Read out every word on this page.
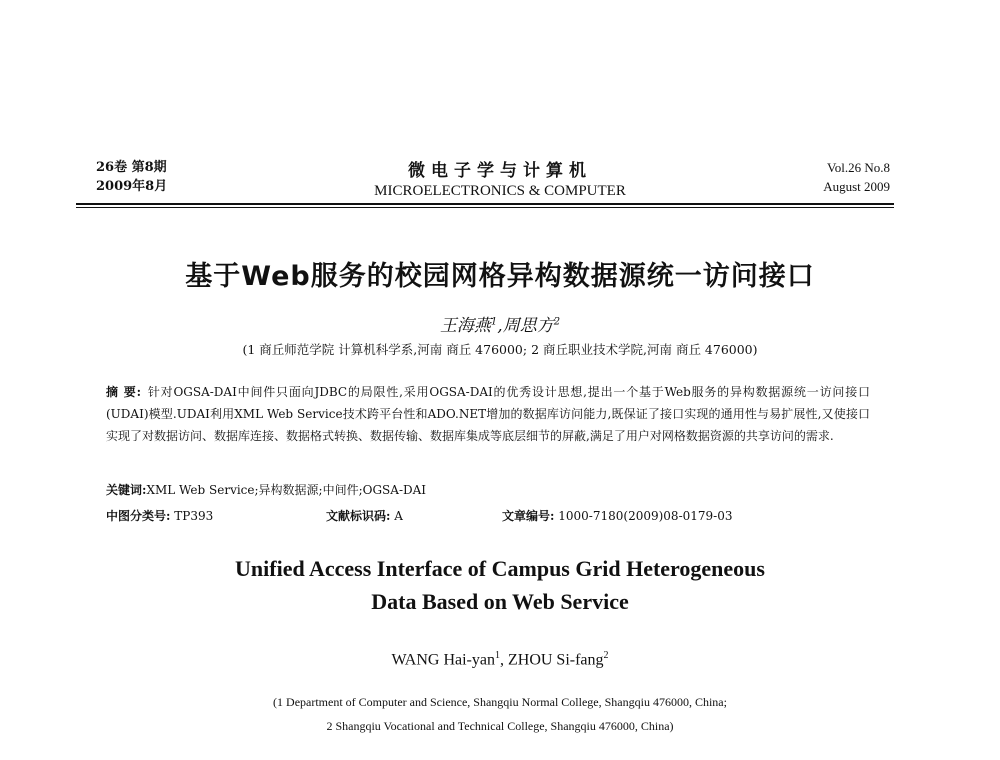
26卷 第8期
2009年8月
微电子学与计算机
MICROELECTRONICS & COMPUTER
Vol.26 No.8
August 2009
基于Web服务的校园网格异构数据源统一访问接口
王海燕$^1$,周思方$^2$
(1 商丘师范学院 计算机科学系,河南 商丘 476000; 2 商丘职业技术学院,河南 商丘 476000)
摘 要: 针对OGSA-DAI中间件只面向JDBC的局限性,采用OGSA-DAI的优秀设计思想,提出一个基于Web服务的异构数据源统一访问接口(UDAI)模型.UDAI利用XML Web Service技术跨平台性和ADO.NET增加的数据库访问能力,既保证了接口实现的通用性与易扩展性,又使接口实现了对数据访问、数据库连接、数据格式转换、数据传输、数据库集成等底层细节的屏蔽,满足了用户对网格数据资源的共享访问的需求.
关键词:XML Web Service;异构数据源;中间件;OGSA-DAI
中图分类号: TP393	文献标识码: A	文章编号: 1000-7180(2009)08-0179-03
Unified Access Interface of Campus Grid Heterogeneous
Data Based on Web Service
WANG Hai-yan$^1$, ZHOU Si-fang$^2$
(1 Department of Computer and Science, Shangqiu Normal College, Shangqiu 476000, China;
2 Shangqiu Vocational and Technical College, Shangqiu 476000, China)
